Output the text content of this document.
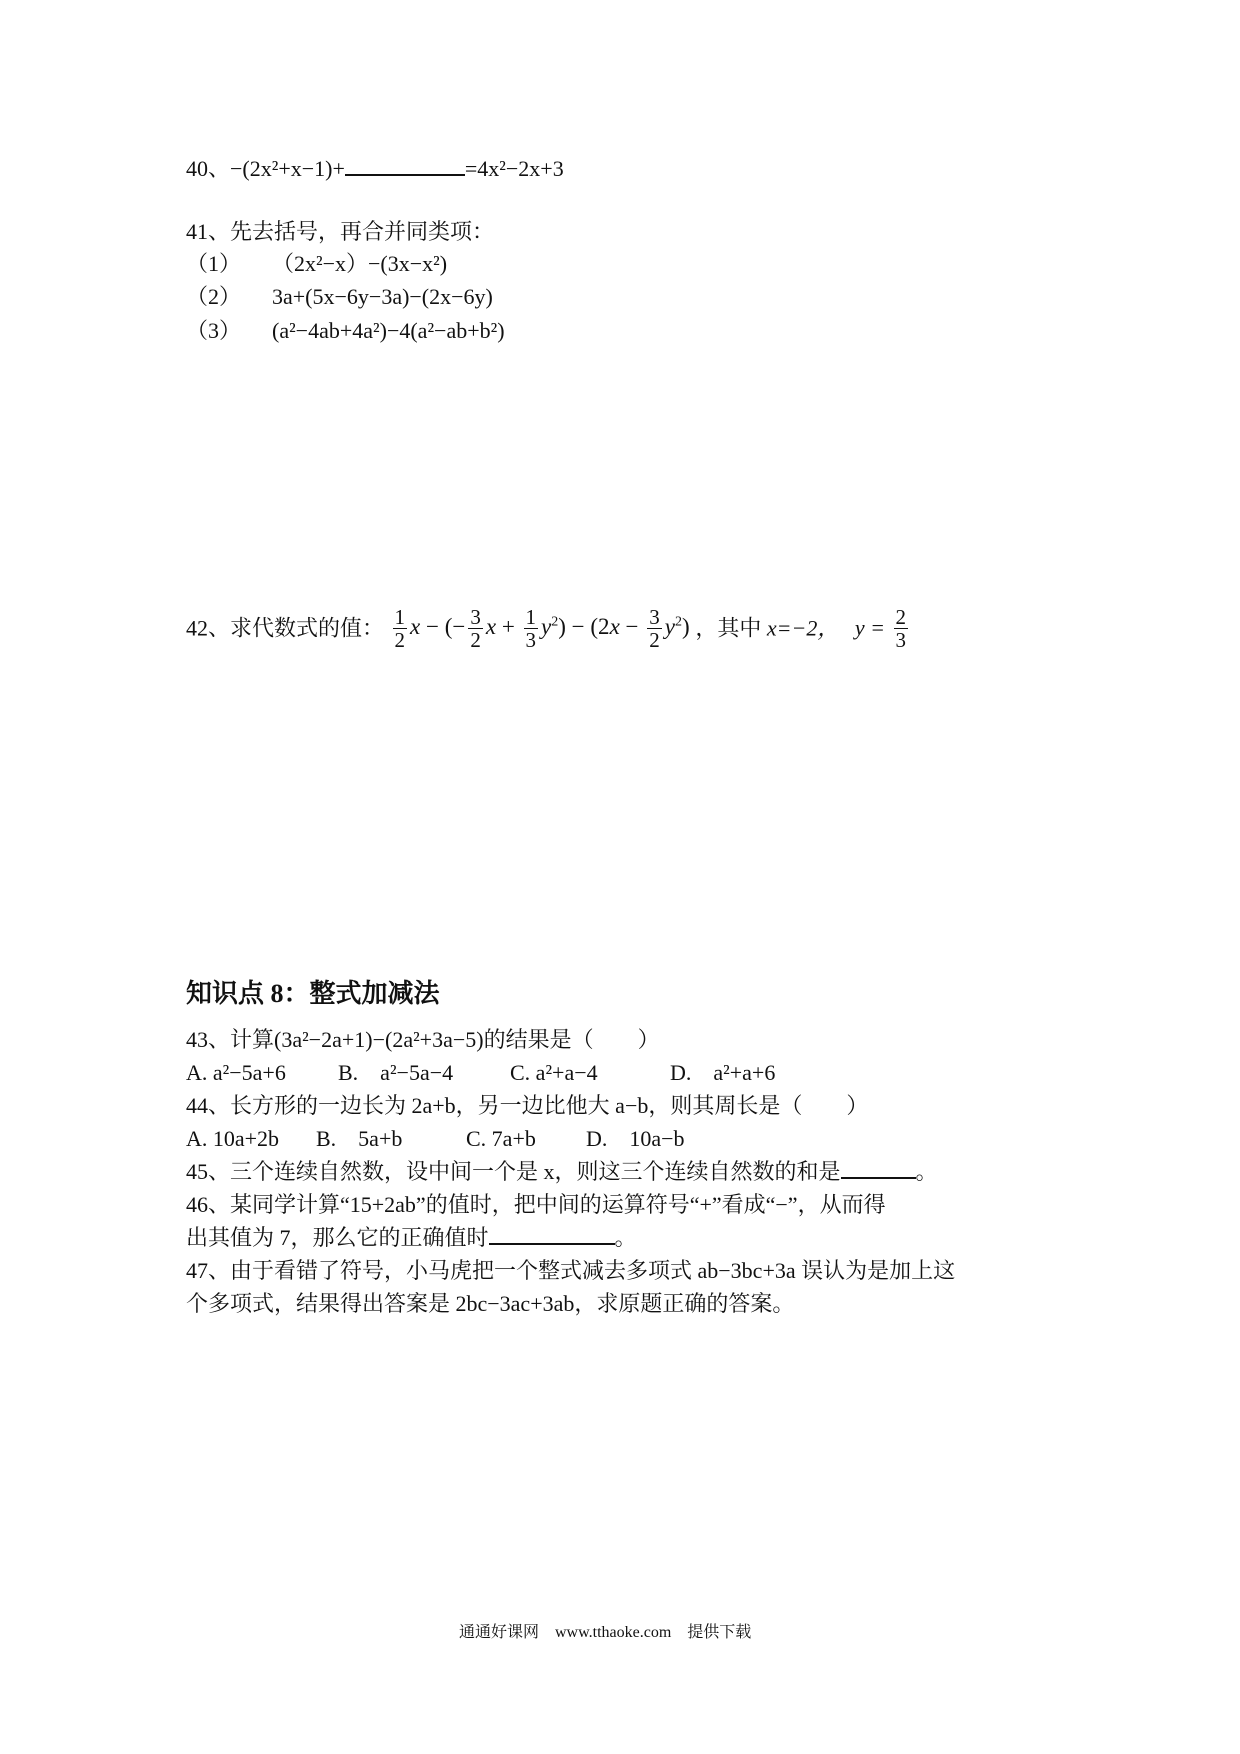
40、−(2x²+x−1)+	=4x²−2x+3
41、先去括号，再合并同类项：
（1） （2x²−x）−(3x−x²)
（2） 3a+(5x−6y−3a)−(2x−6y)
（3） (a²−4ab+4a²)−4(a²−ab+b²)
42、求代数式的值： $\frac{1}{2}$ x − (− $\frac{3}{2}$ $x + \frac{1}{3} y^2) - (2x - \frac{3}{2} y^2)$ ，其中 x=−2， $y = \frac{2}{3}$
知识点 8：整式加减法
43、计算(3a²−2a+1)−(2a²+3a−5)的结果是（　　）
A. a²−5a+6 B.　a²−5a−4	C. a²+a−4	D.　a²+a+6
44、长方形的一边长为 2a+b，另一边比他大 a−b，则其周长是（　　）
A. 10a+2b B.　5a+b	C. 7a+b D.　10a−b
45、三个连续自然数，设中间一个是 x，则这三个连续自然数的和是	。
46、某同学计算“15+2ab”的值时，把中间的运算符号“+”看成“−”，从而得
出其值为 7，那么它的正确值时	。
47、由于看错了符号，小马虎把一个整式减去多项式 ab−3bc+3a 误认为是加上这
个多项式，结果得出答案是 2bc−3ac+3ab，求原题正确的答案。
通通好课网　www.tthaoke.com　提供下载
